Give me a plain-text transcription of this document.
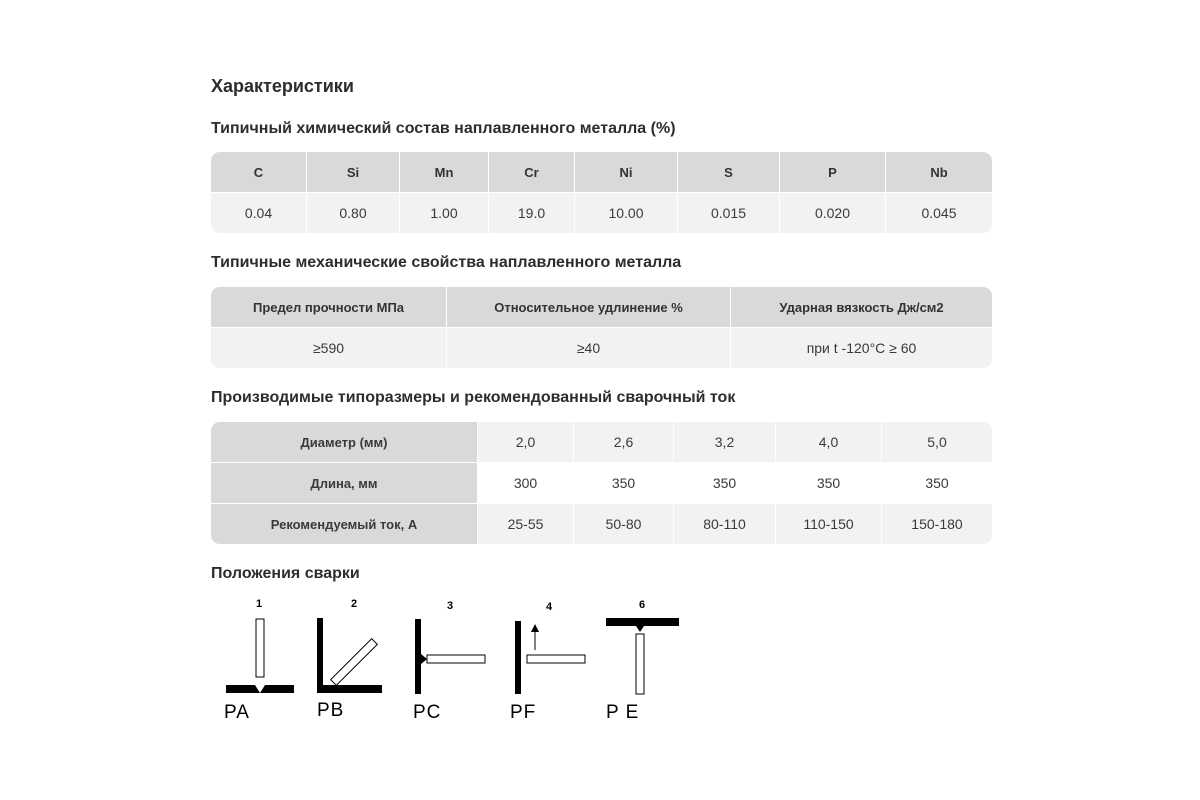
Характеристики
Типичный химический состав наплавленного металла (%)
C	Si	Mn	Cr	Ni	S	P	Nb
0.04	0.80	1.00	19.0	10.00	0.015	0.020	0.045
Типичные механические свойства наплавленного металла
Предел прочности МПа	Относительное удлинение %	Ударная вязкость Дж/см2
≥590	≥40	при t -120°C ≥ 60
Производимые типоразмеры и рекомендованный сварочный ток
Диаметр (мм)	2,0	2,6	3,2	4,0	5,0
Длина, мм	300	350	350	350	350
Рекомендуемый ток, А	25-55	50-80	80-110	110-150	150-180
Положения сварки
1	2	3	4	6
PA	PB	PC	PF	P E
